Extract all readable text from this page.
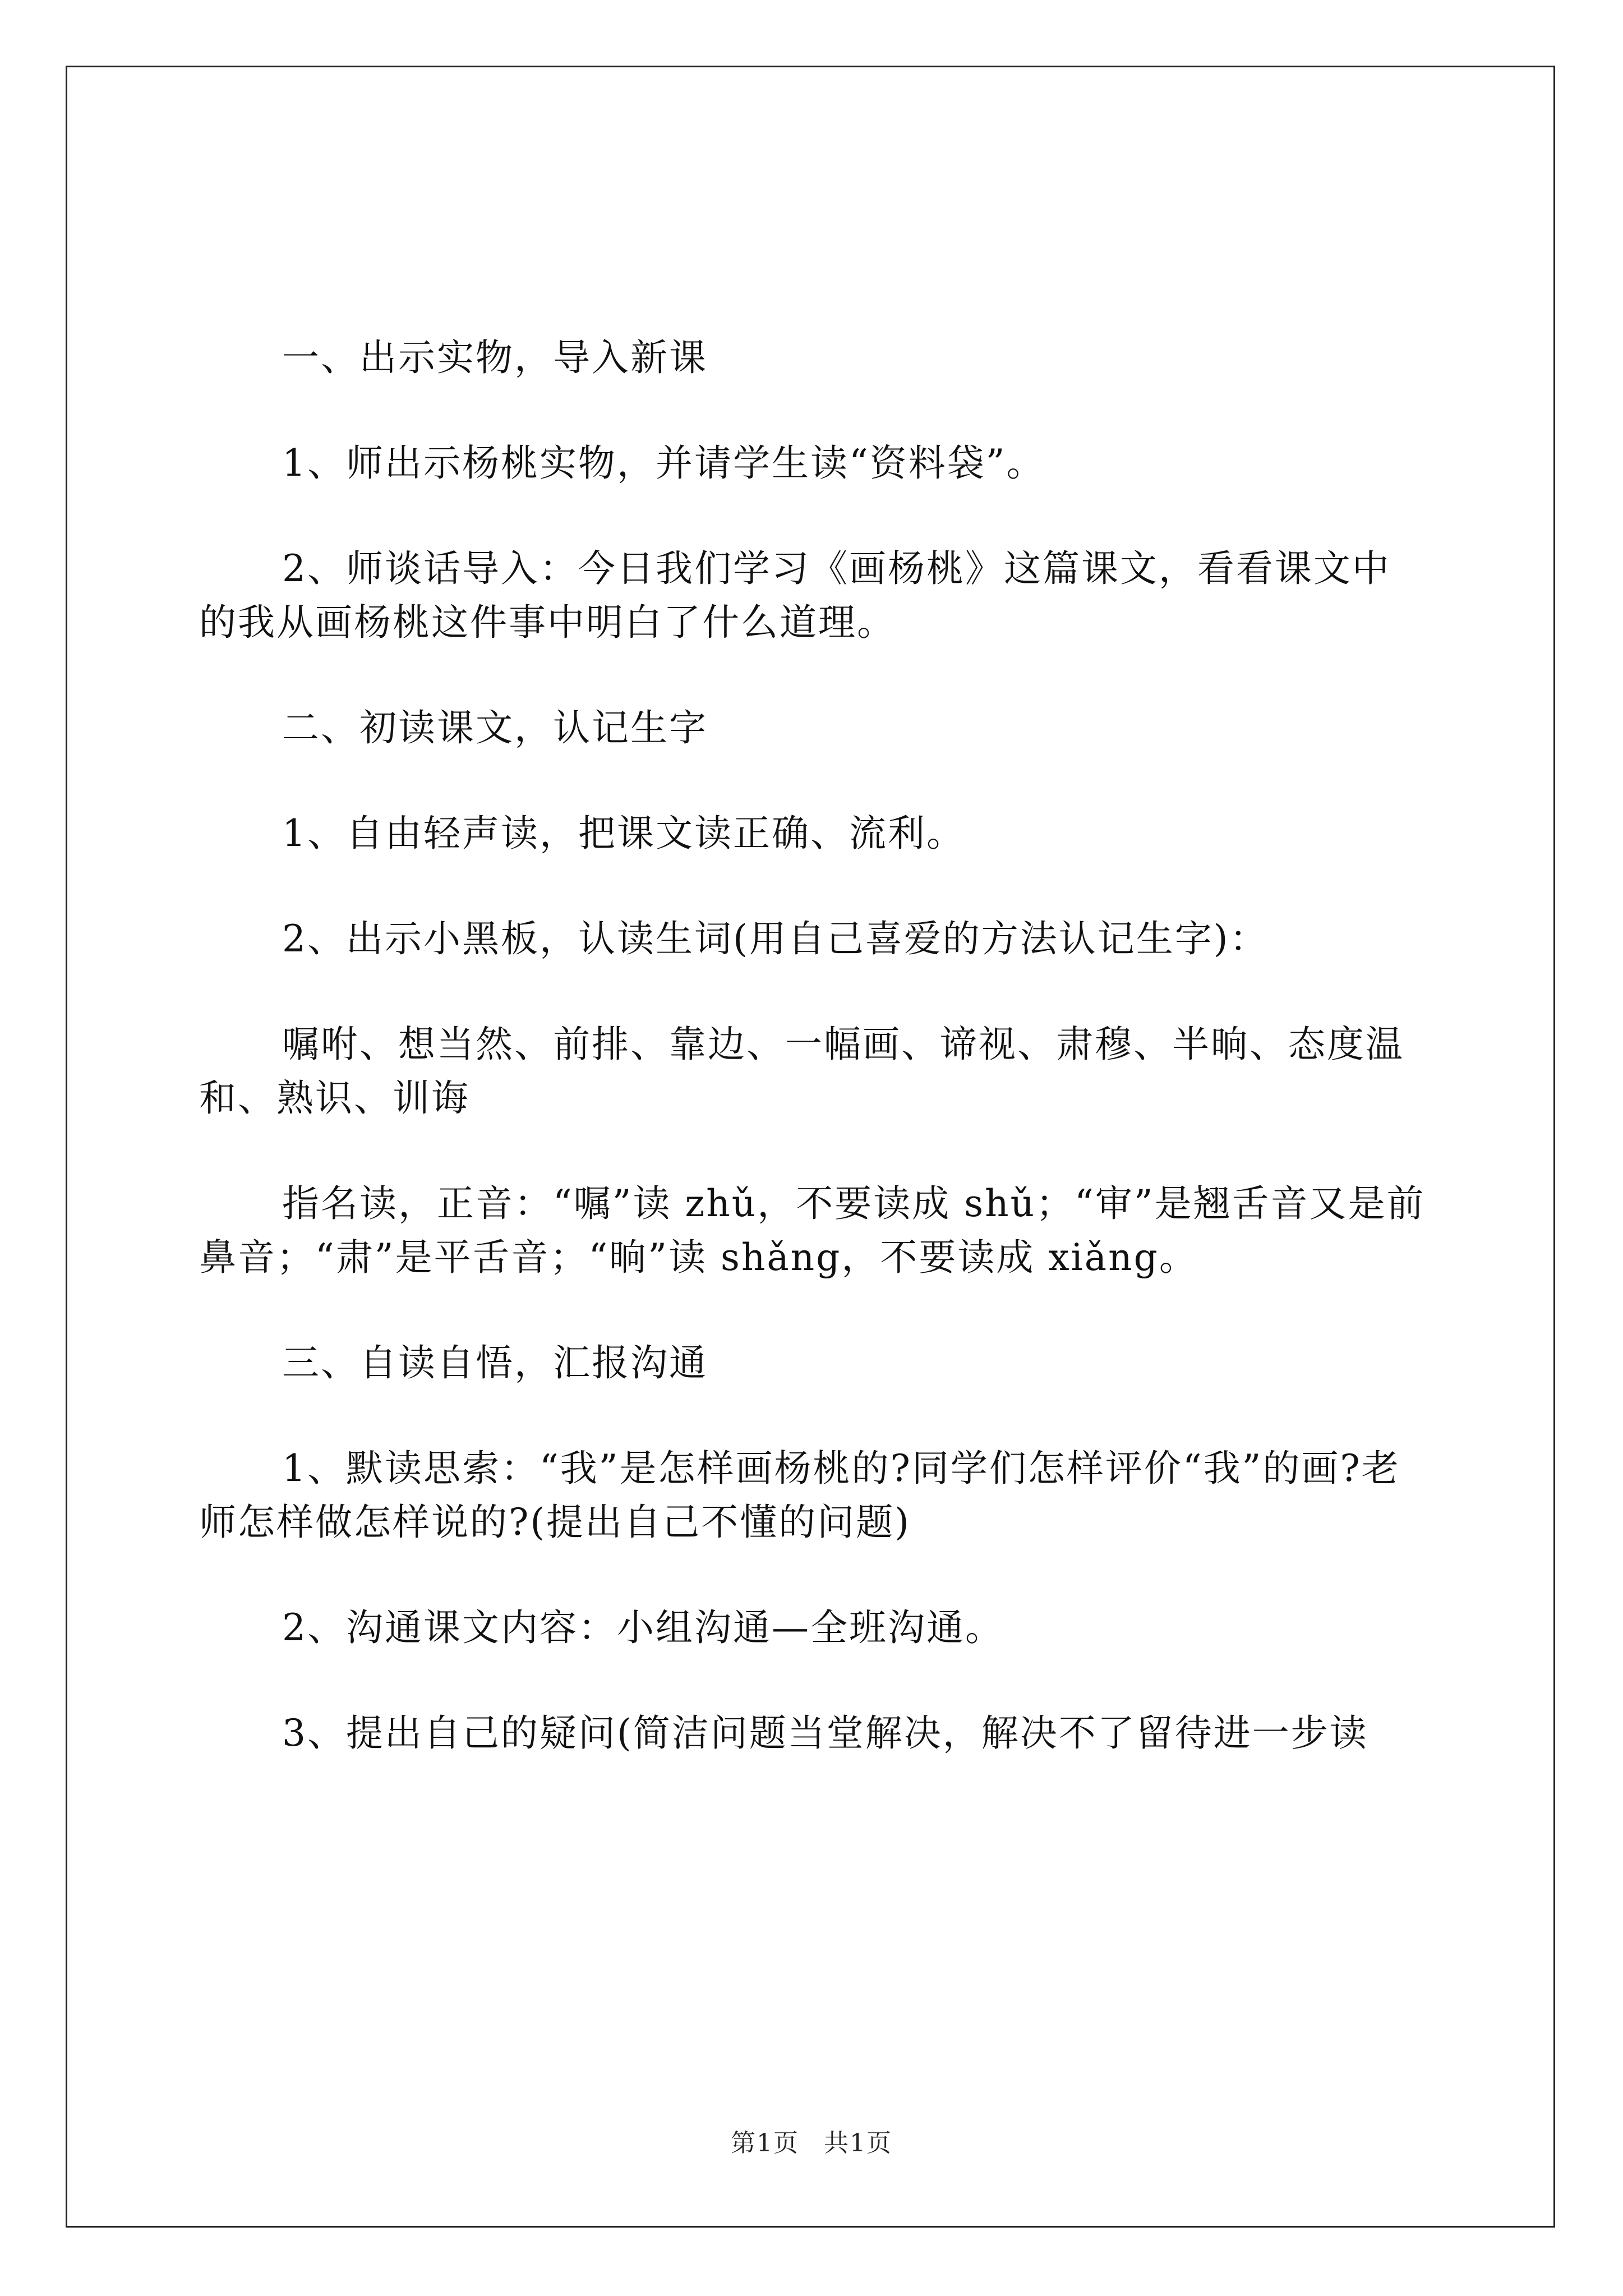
一、出示实物，导入新课

1、师出示杨桃实物，并请学生读“资料袋”。

2、师谈话导入：今日我们学习《画杨桃》这篇课文，看看课文中的我从画杨桃这件事中明白了什么道理。

二、初读课文，认记生字

1、自由轻声读，把课文读正确、流利。

2、出示小黑板，认读生词(用自己喜爱的方法认记生字)：

嘱咐、想当然、前排、靠边、一幅画、谛视、肃穆、半晌、态度温和、熟识、训诲

指名读，正音：“嘱”读 zhǔ，不要读成 shǔ；“审”是翘舌音又是前鼻音；“肃”是平舌音；“晌”读 shǎng，不要读成 xiǎng。

三、自读自悟，汇报沟通

1、默读思索：“我”是怎样画杨桃的?同学们怎样评价“我”的画?老师怎样做怎样说的?(提出自己不懂的问题)

2、沟通课文内容：小组沟通—全班沟通。

3、提出自己的疑问(简洁问题当堂解决，解决不了留待进一步读

第1页 共1页
